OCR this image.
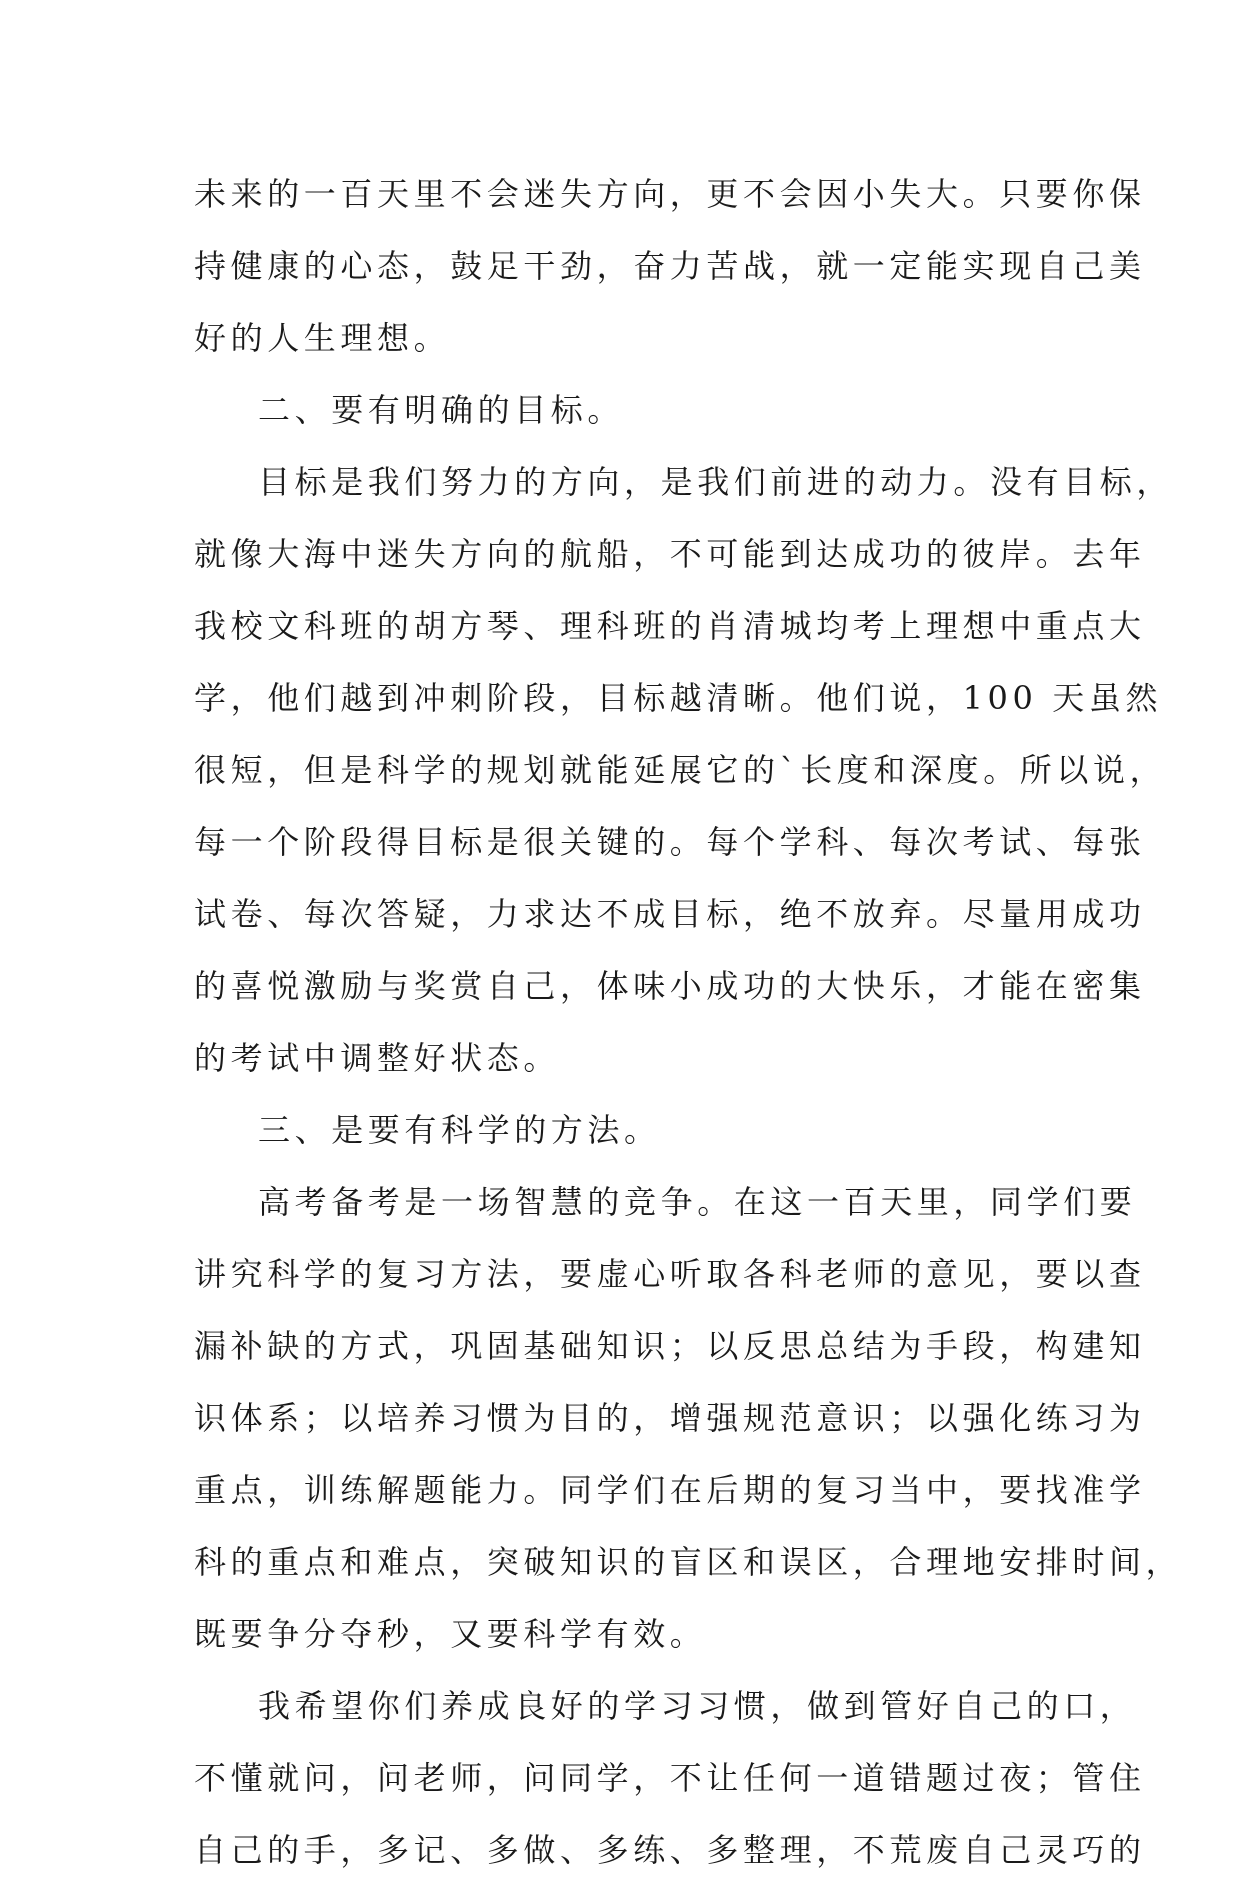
未来的一百天里不会迷失方向，更不会因小失大。只要你保
持健康的心态，鼓足干劲，奋力苦战，就一定能实现自己美
好的人生理想。
二、要有明确的目标。
目标是我们努力的方向，是我们前进的动力。没有目标，
就像大海中迷失方向的航船，不可能到达成功的彼岸。去年
我校文科班的胡方琴、理科班的肖清城均考上理想中重点大
学，他们越到冲刺阶段，目标越清晰。他们说，100 天虽然
很短，但是科学的规划就能延展它的`长度和深度。所以说，
每一个阶段得目标是很关键的。每个学科、每次考试、每张
试卷、每次答疑，力求达不成目标，绝不放弃。尽量用成功
的喜悦激励与奖赏自己，体味小成功的大快乐，才能在密集
的考试中调整好状态。
三、是要有科学的方法。
高考备考是一场智慧的竞争。在这一百天里，同学们要
讲究科学的复习方法，要虚心听取各科老师的意见，要以查
漏补缺的方式，巩固基础知识；以反思总结为手段，构建知
识体系；以培养习惯为目的，增强规范意识；以强化练习为
重点，训练解题能力。同学们在后期的复习当中，要找准学
科的重点和难点，突破知识的盲区和误区，合理地安排时间，
既要争分夺秒，又要科学有效。
我希望你们养成良好的学习习惯，做到管好自己的口，
不懂就问，问老师，问同学，不让任何一道错题过夜；管住
自己的手，多记、多做、多练、多整理，不荒废自己灵巧的
